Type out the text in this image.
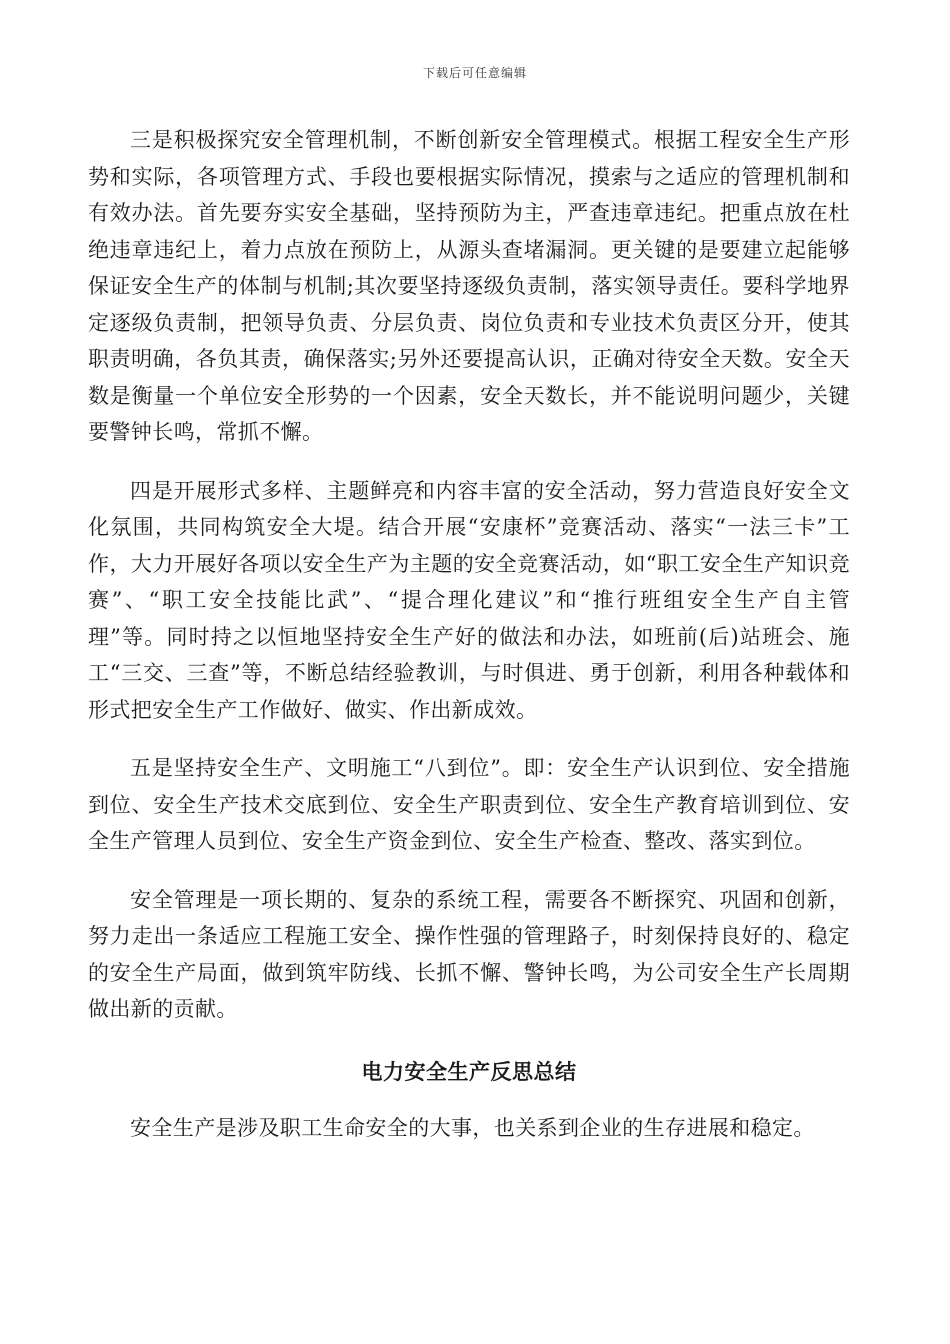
下载后可任意编辑

三是积极探究安全管理机制，不断创新安全管理模式。根据工程安全生产形势和实际，各项管理方式、手段也要根据实际情况，摸索与之适应的管理机制和有效办法。首先要夯实安全基础，坚持预防为主，严查违章违纪。把重点放在杜绝违章违纪上，着力点放在预防上，从源头查堵漏洞。更关键的是要建立起能够保证安全生产的体制与机制;其次要坚持逐级负责制，落实领导责任。要科学地界定逐级负责制，把领导负责、分层负责、岗位负责和专业技术负责区分开，使其职责明确，各负其责，确保落实;另外还要提高认识，正确对待安全天数。安全天数是衡量一个单位安全形势的一个因素，安全天数长，并不能说明问题少，关键要警钟长鸣，常抓不懈。

四是开展形式多样、主题鲜亮和内容丰富的安全活动，努力营造良好安全文化氛围，共同构筑安全大堤。结合开展“安康杯”竞赛活动、落实“一法三卡”工作，大力开展好各项以安全生产为主题的安全竞赛活动，如“职工安全生产知识竞赛”、“职工安全技能比武”、“提合理化建议”和“推行班组安全生产自主管理”等。同时持之以恒地坚持安全生产好的做法和办法，如班前(后)站班会、施工“三交、三查”等，不断总结经验教训，与时俱进、勇于创新，利用各种载体和形式把安全生产工作做好、做实、作出新成效。

五是坚持安全生产、文明施工“八到位”。即：安全生产认识到位、安全措施到位、安全生产技术交底到位、安全生产职责到位、安全生产教育培训到位、安全生产管理人员到位、安全生产资金到位、安全生产检查、整改、落实到位。

安全管理是一项长期的、复杂的系统工程，需要各不断探究、巩固和创新，努力走出一条适应工程施工安全、操作性强的管理路子，时刻保持良好的、稳定的安全生产局面，做到筑牢防线、长抓不懈、警钟长鸣，为公司安全生产长周期做出新的贡献。

电力安全生产反思总结

安全生产是涉及职工生命安全的大事，也关系到企业的生存进展和稳定。
